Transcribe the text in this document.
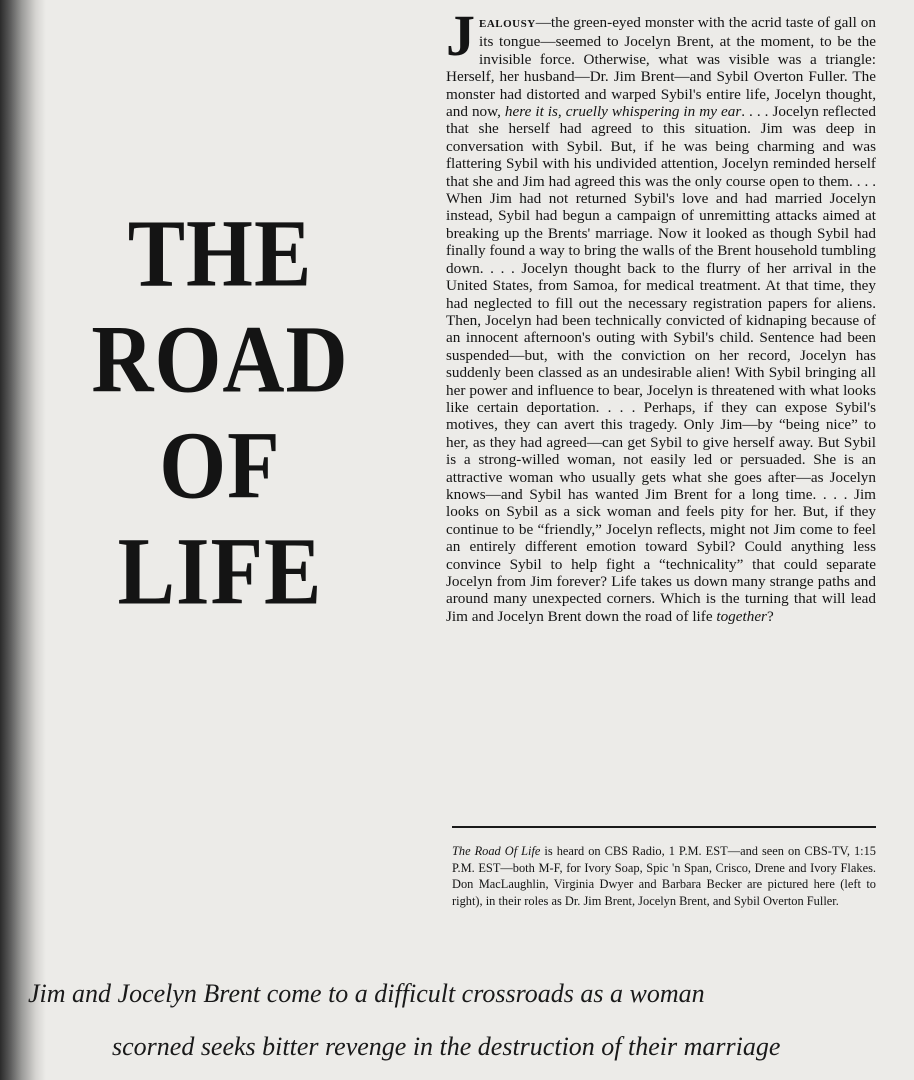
THE
ROAD
OF
LIFE
JEALOUSY—the green-eyed monster with the acrid taste of gall on its tongue—seemed to Jocelyn Brent, at the moment, to be the invisible force. Otherwise, what was visible was a triangle: Herself, her husband—Dr. Jim Brent—and Sybil Overton Fuller. The monster had distorted and warped Sybil's entire life, Jocelyn thought, and now, here it is, cruelly whispering in my ear. . . . Jocelyn reflected that she herself had agreed to this situation. Jim was deep in conversation with Sybil. But, if he was being charming and was flattering Sybil with his undivided attention, Jocelyn reminded herself that she and Jim had agreed this was the only course open to them. . . . When Jim had not returned Sybil's love and had married Jocelyn instead, Sybil had begun a campaign of unremitting attacks aimed at breaking up the Brents' marriage. Now it looked as though Sybil had finally found a way to bring the walls of the Brent household tumbling down. . . . Jocelyn thought back to the flurry of her arrival in the United States, from Samoa, for medical treatment. At that time, they had neglected to fill out the necessary registration papers for aliens. Then, Jocelyn had been technically convicted of kidnaping because of an innocent afternoon's outing with Sybil's child. Sentence had been suspended—but, with the conviction on her record, Jocelyn has suddenly been classed as an undesirable alien! With Sybil bringing all her power and influence to bear, Jocelyn is threatened with what looks like certain deportation. . . . Perhaps, if they can expose Sybil's motives, they can avert this tragedy. Only Jim—by “being nice” to her, as they had agreed—can get Sybil to give herself away. But Sybil is a strong-willed woman, not easily led or persuaded. She is an attractive woman who usually gets what she goes after—as Jocelyn knows—and Sybil has wanted Jim Brent for a long time. . . . Jim looks on Sybil as a sick woman and feels pity for her. But, if they continue to be “friendly,” Jocelyn reflects, might not Jim come to feel an entirely different emotion toward Sybil? Could anything less convince Sybil to help fight a “technicality” that could separate Jocelyn from Jim forever? Life takes us down many strange paths and around many unexpected corners. Which is the turning that will lead Jim and Jocelyn Brent down the road of life together?
The Road Of Life is heard on CBS Radio, 1 P.M. EST—and seen on CBS-TV, 1:15 P.M. EST—both M-F, for Ivory Soap, Spic 'n Span, Crisco, Drene and Ivory Flakes. Don MacLaughlin, Virginia Dwyer and Barbara Becker are pictured here (left to right), in their roles as Dr. Jim Brent, Jocelyn Brent, and Sybil Overton Fuller.
Jim and Jocelyn Brent come to a difficult crossroads as a woman
scorned seeks bitter revenge in the destruction of their marriage
